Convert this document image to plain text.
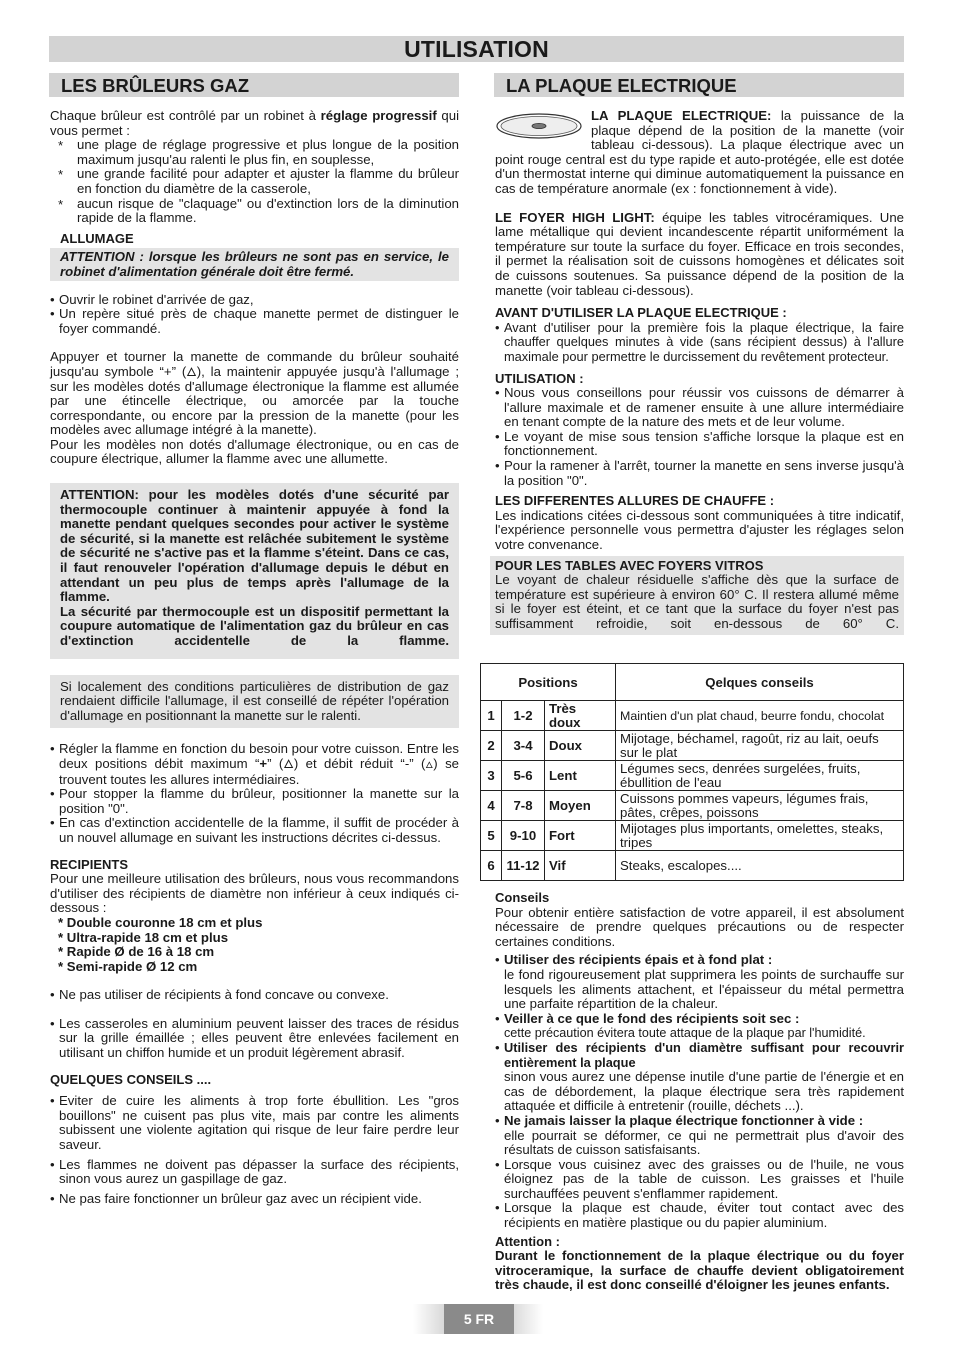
UTILISATION
LES BRÛLEURS GAZ

Chaque brûleur est contrôlé par un robinet à réglage progressif qui vous permet :

* une plage de réglage progressive et plus longue de la position maximum jusqu'au ralenti le plus fin, en souplesse,
* une grande facilité pour adapter et ajuster la flamme du brûleur en fonction du diamètre de la casserole,
* aucun risque de "claquage" ou d'extinction lors de la diminution rapide de la flamme.
ALLUMAGE
ATTENTION : lorsque les brûleurs ne sont pas en service, le robinet d'alimentation générale doit être fermé.
• Ouvrir le robinet d'arrivée de gaz,
• Un repère situé près de chaque manette permet de distinguer le foyer commandé.

Appuyer et tourner la manette de commande du brûleur souhaité jusqu'au symbole “+” (🜂), la maintenir appuyée jusqu'à l'allumage ; sur les modèles dotés d'allumage électronique la flamme est allumée par une étincelle électrique, ou amorcée par la touche correspondante, ou encore par la pression de la manette (pour les modèles avec allumage intégré à la manette).

Pour les modèles non dotés d'allumage électronique, ou en cas de coupure électrique, allumer la flamme avec une allumette.

ATTENTION: pour les modèles dotés d'une sécurité par thermocouple continuer à maintenir appuyée à fond la manette pendant quelques secondes pour activer le système de sécurité, si la manette est relâchée subitement le système de sécurité ne s'active pas et la flamme s'éteint. Dans ce cas, il faut renouveler l'opération d'allumage depuis le début en attendant un peu plus de temps après l'allumage de la flamme.
La sécurité par thermocouple est un dispositif permettant la coupure automatique de l'alimentation gaz du brûleur en cas d'extinction accidentelle de la flamme.
Si localement des conditions particulières de distribution de gaz rendaient difficile l'allumage, il est conseillé de répéter l'opération d'allumage en positionnant la manette sur le ralenti.
• Régler la flamme en fonction du besoin pour votre cuisson. Entre les deux positions débit maximum “+” (🜂) et débit réduit “-” (🜂) se trouvent toutes les allures intermédiaires.
• Pour stopper la flamme du brûleur, positionner la manette sur la position "0".
• En cas d'extinction accidentelle de la flamme, il suffit de procéder à un nouvel allumage en suivant les instructions décrites ci-dessus.
RECIPIENTS

Pour une meilleure utilisation des brûleurs, nous vous recommandons d'utiliser des récipients de diamètre non inférieur à ceux indiqués ci-dessous :

* Double couronne 18 cm et plus
* Ultra-rapide 18 cm et plus
* Rapide Ø de 16 à 18 cm
* Semi-rapide Ø 12 cm
• Ne pas utiliser de récipients à fond concave ou convexe.
• Les casseroles en aluminium peuvent laisser des traces de résidus sur la grille émaillée ; elles peuvent être enlevées facilement en utilisant un chiffon humide et un produit légèrement abrasif.
QUELQUES CONSEILS ....
• Eviter de cuire les aliments à trop forte ébullition. Les "gros bouillons" ne cuisent pas plus vite, mais par contre les aliments subissent une violente agitation qui risque de leur faire perdre leur saveur.
• Les flammes ne doivent pas dépasser la surface des récipients, sinon vous aurez un gaspillage de gaz.
• Ne pas faire fonctionner un brûleur gaz avec un récipient vide.
LA PLAQUE ELECTRIQUE

LA PLAQUE ELECTRIQUE: la puissance de la plaque dépend de la position de la manette (voir tableau ci-dessous). La plaque électrique avec un point rouge central est du type rapide et auto-protégée, elle est dotée d'un thermostat interne qui diminue automatiquement la puissance en cas de température anormale (ex : fonctionnement à vide).

LE FOYER HIGH LIGHT: équipe les tables vitrocéramiques. Une lame métallique qui devient incandescente répartit uniformément la température sur toute la surface du foyer. Efficace en trois secondes, il permet la réalisation soit de cuissons homogènes et délicates soit de cuissons soutenues. Sa puissance dépend de la position de la manette (voir tableau ci-dessous).

AVANT D'UTILISER LA PLAQUE ELECTRIQUE :
• Avant d'utiliser pour la première fois la plaque électrique, la faire chauffer quelques minutes à vide (sans récipient dessus) à l'allure maximale pour permettre le durcissement du revêtement protecteur.
UTILISATION :
• Nous vous conseillons pour réussir vos cuissons de démarrer à l'allure maximale et de ramener ensuite à une allure intermédiaire en tenant compte de la nature des mets et de leur volume.
• Le voyant de mise sous tension s'affiche lorsque la plaque est en fonctionnement.
• Pour la ramener à l'arrêt, tourner la manette en sens inverse jusqu'à la position "0".
LES DIFFERENTES ALLURES DE CHAUFFE :

Les indications citées ci-dessous sont communiquées à titre indicatif, l'expérience personnelle vous permettra d'ajuster les réglages selon votre convenance.

POUR LES TABLES AVEC FOYERS VITROS

Le voyant de chaleur résiduelle s'affiche dès que la surface de température est supérieure à environ 60° C. Il restera allumé même si le foyer est éteint, et ce tant que la surface du foyer n'est pas suffisamment refroidie, soit en-dessous de 60° C.

Positions			Qelques conseils
1	1-2	Très doux	Maintien d'un plat chaud, beurre fondu, chocolat
2	3-4	Doux	Mijotage, béchamel, ragoût, riz au lait, oeufs sur le plat
3	5-6	Lent	Légumes secs, denrées surgelées, fruits, ébullition de l'eau
4	7-8	Moyen	Cuissons pommes vapeurs, légumes frais, pâtes, crêpes, poissons
5	9-10	Fort	Mijotages plus importants, omelettes, steaks, tripes
6	11-12	Vif	Steaks, escalopes....
Conseils

Pour obtenir entière satisfaction de votre appareil, il est absolument nécessaire de prendre quelques précautions ou de respecter certaines conditions.

• Utiliser des récipients épais et à fond plat :
le fond rigoureusement plat supprimera les points de surchauffe sur lesquels les aliments attachent, et l'épaisseur du métal permettra une parfaite répartition de la chaleur.
• Veiller à ce que le fond des récipients soit sec :
cette précaution évitera toute attaque de la plaque par l'humidité.
• Utiliser des récipients d'un diamètre suffisant pour recouvrir entièrement la plaque
sinon vous aurez une dépense inutile d'une partie de l'énergie et en cas de débordement, la plaque électrique sera très rapidement attaquée et difficile à entretenir (rouille, déchets ...).
• Ne jamais laisser la plaque électrique fonctionner à vide :
elle pourrait se déformer, ce qui ne permettrait plus d'avoir des résultats de cuisson satisfaisants.
• Lorsque vous cuisinez avec des graisses ou de l'huile, ne vous éloignez pas de la table de cuisson. Les graisses et l'huile surchauffées peuvent s'enflammer rapidement.
• Lorsque la plaque est chaude, éviter tout contact avec des récipients en matière plastique ou du papier aluminium.
Attention :

Durant le fonctionnement de la plaque électrique ou du foyer vitroceramique, la surface de chauffe devient obligatoirement très chaude, il est donc conseillé d'éloigner les jeunes enfants.

5 FR
